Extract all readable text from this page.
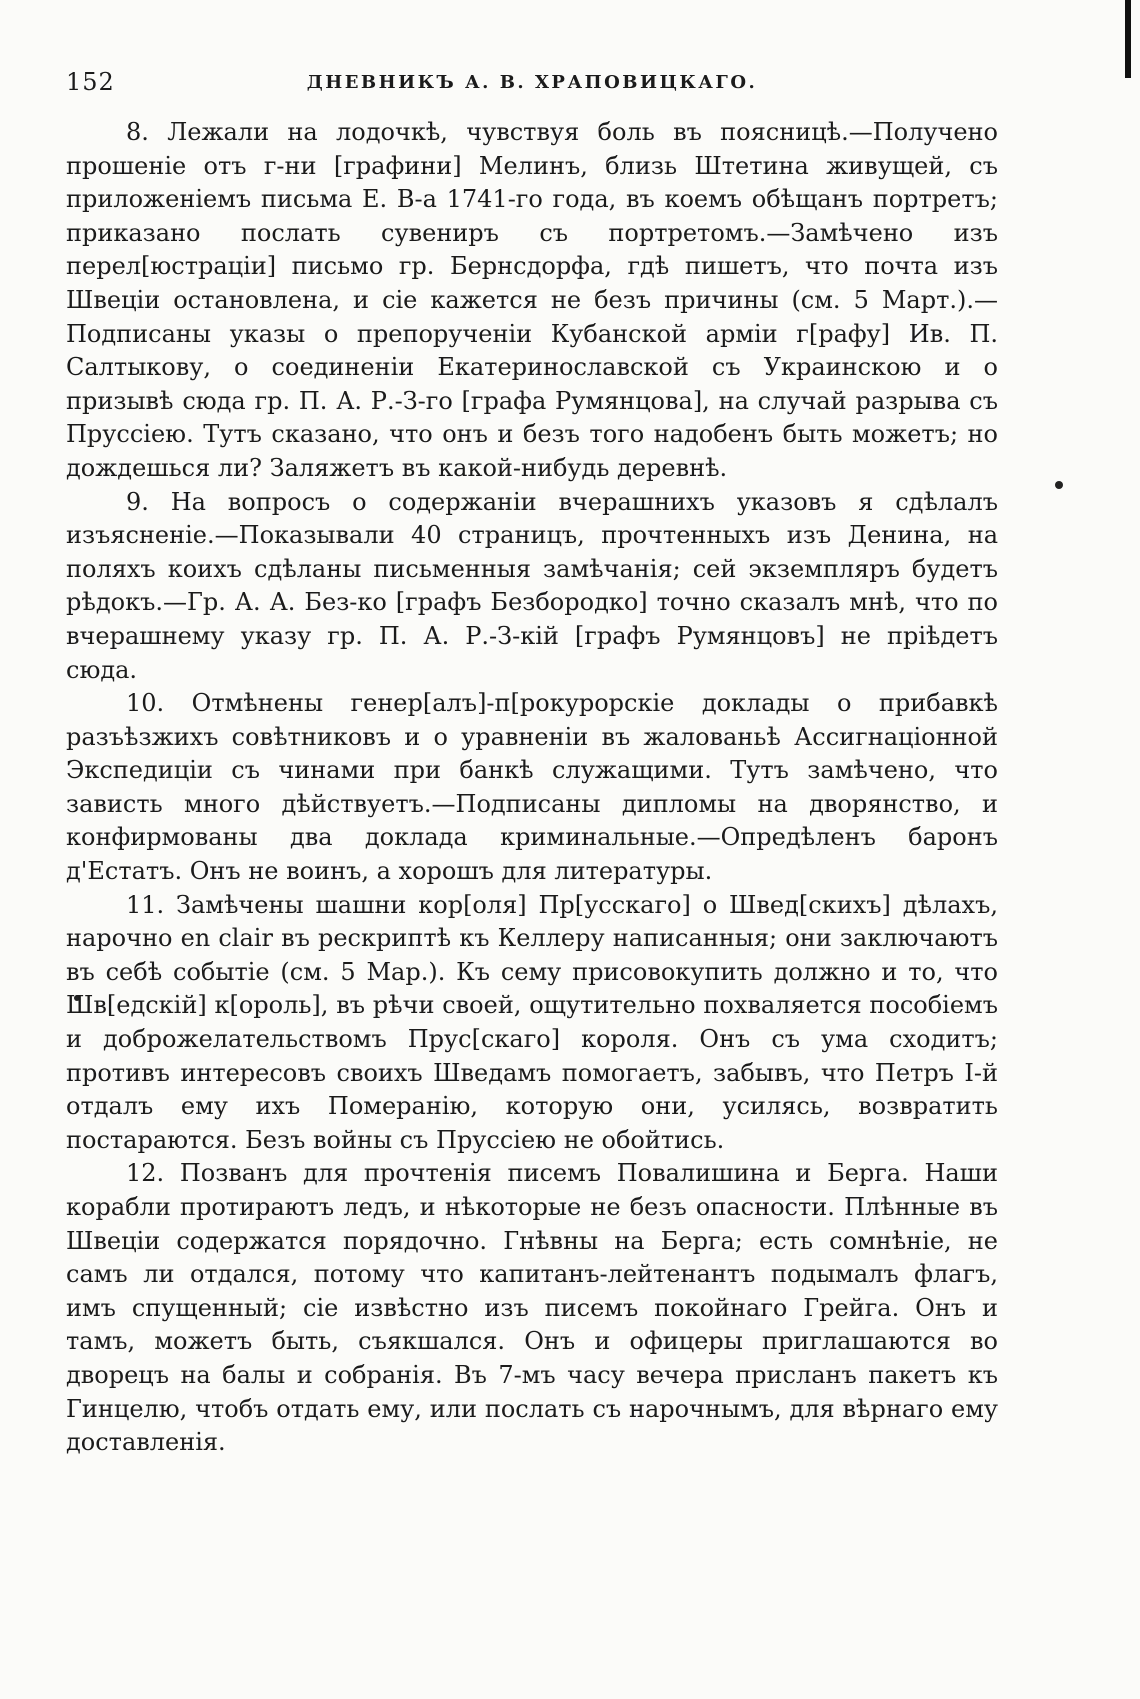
152	ДНЕВНИКЪ А. В. ХРАПОВИЦКАГО.

8. Лежали на лодочкѣ, чувствуя боль въ поясницѣ.—Получено прошеніе отъ г-ни [графини] Мелинъ, близь Штетина живущей, съ приложеніемъ письма Е. В-а 1741-го года, въ коемъ обѣщанъ портретъ; приказано послать сувениръ съ портретомъ.—Замѣчено изъ перел[юстраціи] письмо гр. Бернсдорфа, гдѣ пишетъ, что почта изъ Швеціи остановлена, и сіе кажется не безъ причины (см. 5 Март.).—Подписаны указы о препорученіи Кубанской арміи г[рафу] Ив. П. Салтыкову, о соединеніи Екатеринославской съ Украинскою и о призывѣ сюда гр. П. А. Р.-З-го [графа Румянцова], на случай разрыва съ Пруссіею. Тутъ сказано, что онъ и безъ того надобенъ быть можетъ; но дождешься ли? Заляжетъ въ какой-нибудь деревнѣ.

9. На вопросъ о содержаніи вчерашнихъ указовъ я сдѣлалъ изъясненіе.—Показывали 40 страницъ, прочтенныхъ изъ Денина, на поляхъ коихъ сдѣланы письменныя замѣчанія; сей экземпляръ будетъ рѣдокъ.—Гр. А. А. Без-ко [графъ Безбородко] точно сказалъ мнѣ, что по вчерашнему указу гр. П. А. Р.-З-кій [графъ Румянцовъ] не пріѣдетъ сюда.

10. Отмѣнены генер[алъ]-п[рокурорскіе доклады о прибавкѣ разъѣзжихъ совѣтниковъ и о уравненіи въ жалованьѣ Ассигнаціонной Экспедиціи съ чинами при банкѣ служащими. Тутъ замѣчено, что зависть много дѣйствуетъ.—Подписаны дипломы на дворянство, и конфирмованы два доклада криминальные.—Опредѣленъ баронъ д'Естатъ. Онъ не воинъ, а хорошъ для литературы.

11. Замѣчены шашни кор[оля] Пр[усскаго] о Швед[скихъ] дѣлахъ, нарочно en clair въ рескриптѣ къ Келлеру написанныя; они заключаютъ въ себѣ событіе (см. 5 Мар.). Къ сему присовокупить должно и то, что Шв[едскій] к[ороль], въ рѣчи своей, ощутительно похваляется пособіемъ и доброжелательствомъ Прус[скаго] короля. Онъ съ ума сходитъ; противъ интересовъ своихъ Шведамъ помогаетъ, забывъ, что Петръ I-й отдалъ ему ихъ Померанію, которую они, усилясь, возвратить постараются. Безъ войны съ Пруссіею не обойтись.

12. Позванъ для прочтенія писемъ Повалишина и Берга. Наши корабли протираютъ ледъ, и нѣкоторые не безъ опасности. Плѣнные въ Швеціи содержатся порядочно. Гнѣвны на Берга; есть сомнѣніе, не самъ ли отдался, потому что капитанъ-лейтенантъ подымалъ флагъ, имъ спущенный; сіе извѣстно изъ писемъ покойнаго Грейга. Онъ и тамъ, можетъ быть, съякшался. Онъ и офицеры приглашаются во дворецъ на балы и собранія. Въ 7-мъ часу вечера присланъ пакетъ къ Гинцелю, чтобъ отдать ему, или послать съ нарочнымъ, для вѣрнаго ему доставленія.
